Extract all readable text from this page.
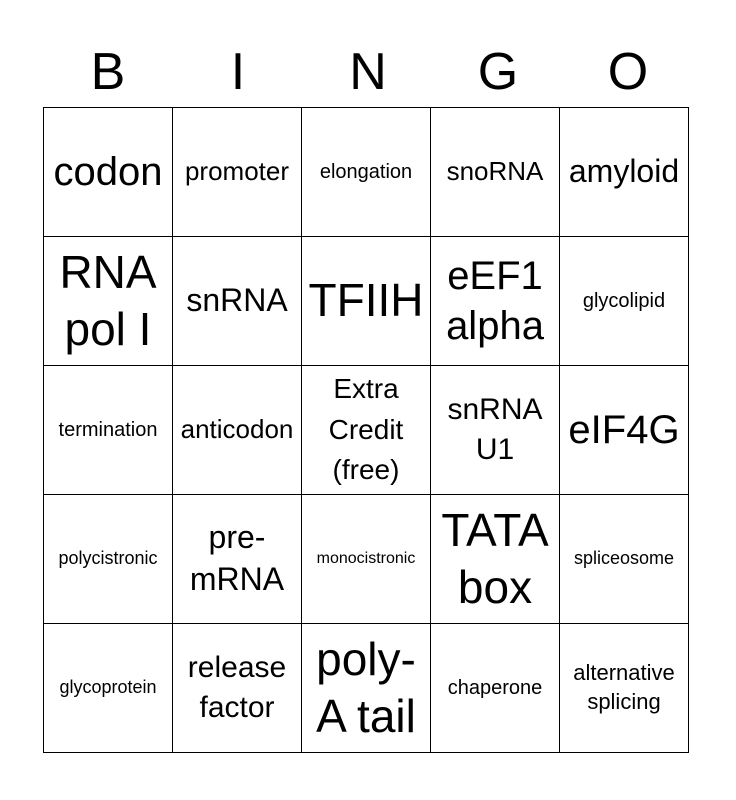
B	I	N	G	O
codon	promoter	elongation	snoRNA	amyloid
RNA pol I	snRNA	TFIIH	eEF1 alpha	glycolipid
termination	anticodon	Extra Credit (free)	snRNA U1	eIF4G
polycistronic	pre-mRNA	monocistronic	TATA box	spliceosome
glycoprotein	release factor	poly-A tail	chaperone	alternative splicing
